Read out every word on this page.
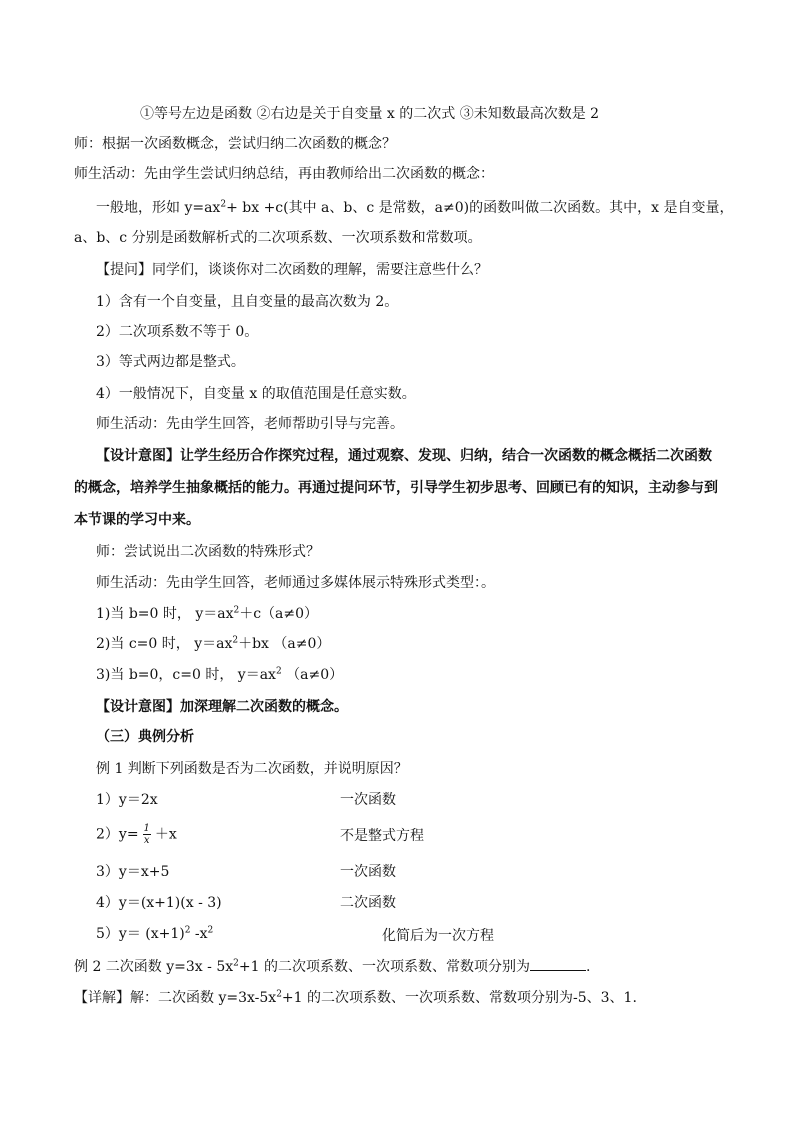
①等号左边是函数 ②右边是关于自变量 x 的二次式 ③未知数最高次数是 2
师：根据一次函数概念，尝试归纳二次函数的概念？
师生活动：先由学生尝试归纳总结，再由教师给出二次函数的概念：
一般地，形如 $y=ax^2+$ bx +c(其中 a、b、c 是常数，a≠0)的函数叫做二次函数。其中，x 是自变量，
a、b、c 分别是函数解析式的二次项系数、一次项系数和常数项。
【提问】同学们，谈谈你对二次函数的理解，需要注意些什么？
1）含有一个自变量，且自变量的最高次数为 2。
2）二次项系数不等于 0。
3）等式两边都是整式。
4）一般情况下，自变量 x 的取值范围是任意实数。
师生活动：先由学生回答，老师帮助引导与完善。
【设计意图】让学生经历合作探究过程，通过观察、发现、归纳，结合一次函数的概念概括二次函数
的概念，培养学生抽象概括的能力。再通过提问环节，引导学生初步思考、回顾已有的知识，主动参与到
本节课的学习中来。
师：尝试说出二次函数的特殊形式？
师生活动：先由学生回答，老师通过多媒体展示特殊形式类型：。
1)当 b=0 时， $y=ax^2+c(a\ne 0)$
2)当 c=0 时， $y=ax^2+bx$ （a≠0）
3)当 b=0，c=0 时， $y=ax^2$ （a≠0）
【设计意图】加深理解二次函数的概念。
（三）典例分析
例 1 判断下列函数是否为二次函数，并说明原因？
1）y＝2x	一次函数
$2)y= \frac{1}{x} +x$	不是整式方程
3）y＝x+5	一次函数
4）y＝(x+1)(x - 3)	二次函数
$5)y= (x+1)^2$ $-x^2$	化简后为一次方程
例 2 二次函数 $y=3x - 5x^2+1$ 的二次项系数、一次项系数、常数项分别为	.
【详解】解：二次函数 $y=3x-5x^2+1$ 的二次项系数、一次项系数、常数项分别为-5、3、1.
